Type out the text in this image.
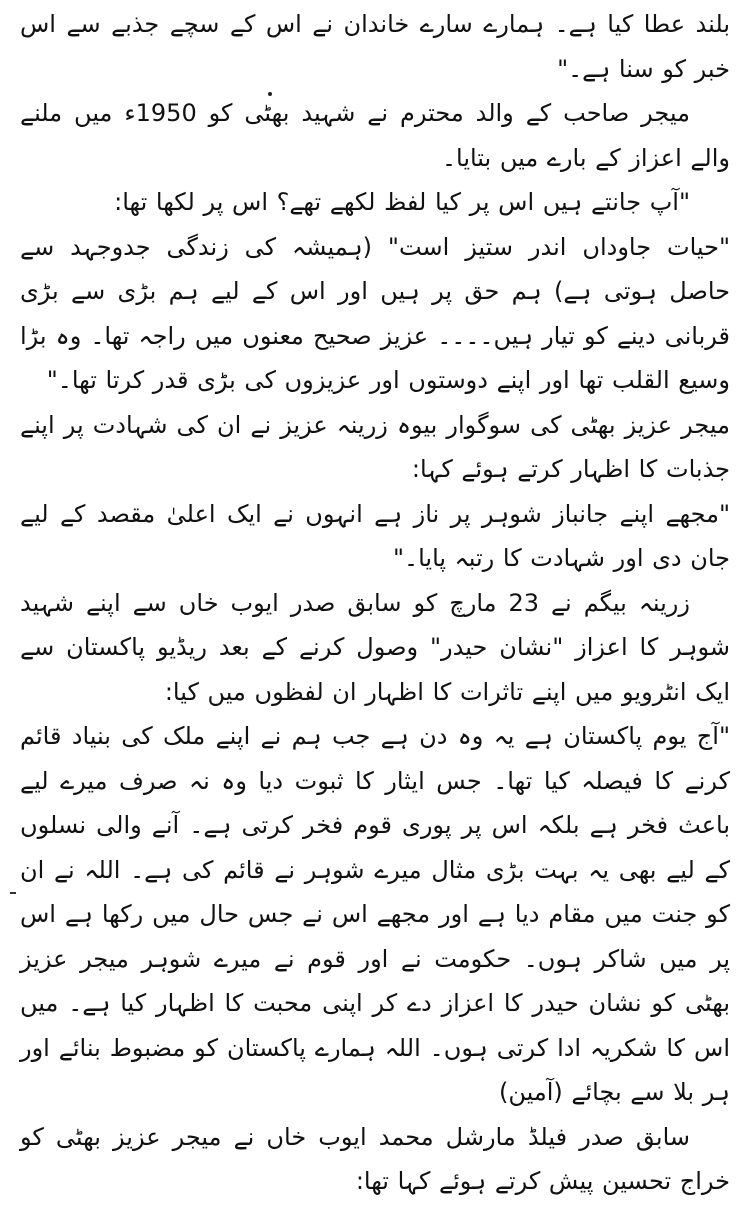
بلند عطا کیا ہے۔ ہمارے سارے خاندان نے اس کے سچے جذبے سے اس خبر کو سنا ہے۔"

میجر صاحب کے والد محترم نے شہید بھٹی کو 1950ء میں ملنے والے اعزاز کے بارے میں بتایا۔

"آپ جانتے ہیں اس پر کیا لفظ لکھے تھے؟ اس پر لکھا تھا:

"حیات جاوداں اندر ستیز است" (ہمیشہ کی زندگی جدوجہد سے حاصل ہوتی ہے) ہم حق پر ہیں اور اس کے لیے ہم بڑی سے بڑی قربانی دینے کو تیار ہیں۔۔۔۔ عزیز صحیح معنوں میں راجہ تھا۔ وہ بڑا وسیع القلب تھا اور اپنے دوستوں اور عزیزوں کی بڑی قدر کرتا تھا۔"

میجر عزیز بھٹی کی سوگوار بیوہ زرینہ عزیز نے ان کی شہادت پر اپنے جذبات کا اظہار کرتے ہوئے کہا:

"مجھے اپنے جانباز شوہر پر ناز ہے انہوں نے ایک اعلیٰ مقصد کے لیے جان دی اور شہادت کا رتبہ پایا۔"

زرینہ بیگم نے 23 مارچ کو سابق صدر ایوب خاں سے اپنے شہید شوہر کا اعزاز "نشان حیدر" وصول کرنے کے بعد ریڈیو پاکستان سے ایک انٹرویو میں اپنے تاثرات کا اظہار ان لفظوں میں کیا:

"آج یوم پاکستان ہے یہ وہ دن ہے جب ہم نے اپنے ملک کی بنیاد قائم کرنے کا فیصلہ کیا تھا۔ جس ایثار کا ثبوت دیا وہ نہ صرف میرے لیے باعث فخر ہے بلکہ اس پر پوری قوم فخر کرتی ہے۔ آنے والی نسلوں کے لیے بھی یہ بہت بڑی مثال میرے شوہر نے قائم کی ہے۔ اللہ نے ان کو جنت میں مقام دیا ہے اور مجھے اس نے جس حال میں رکھا ہے اس پر میں شاکر ہوں۔ حکومت نے اور قوم نے میرے شوہر میجر عزیز بھٹی کو نشان حیدر کا اعزاز دے کر اپنی محبت کا اظہار کیا ہے۔ میں اس کا شکریہ ادا کرتی ہوں۔ اللہ ہمارے پاکستان کو مضبوط بنائے اور ہر بلا سے بچائے (آمین)

سابق صدر فیلڈ مارشل محمد ایوب خاں نے میجر عزیز بھٹی کو خراج تحسین پیش کرتے ہوئے کہا تھا:
